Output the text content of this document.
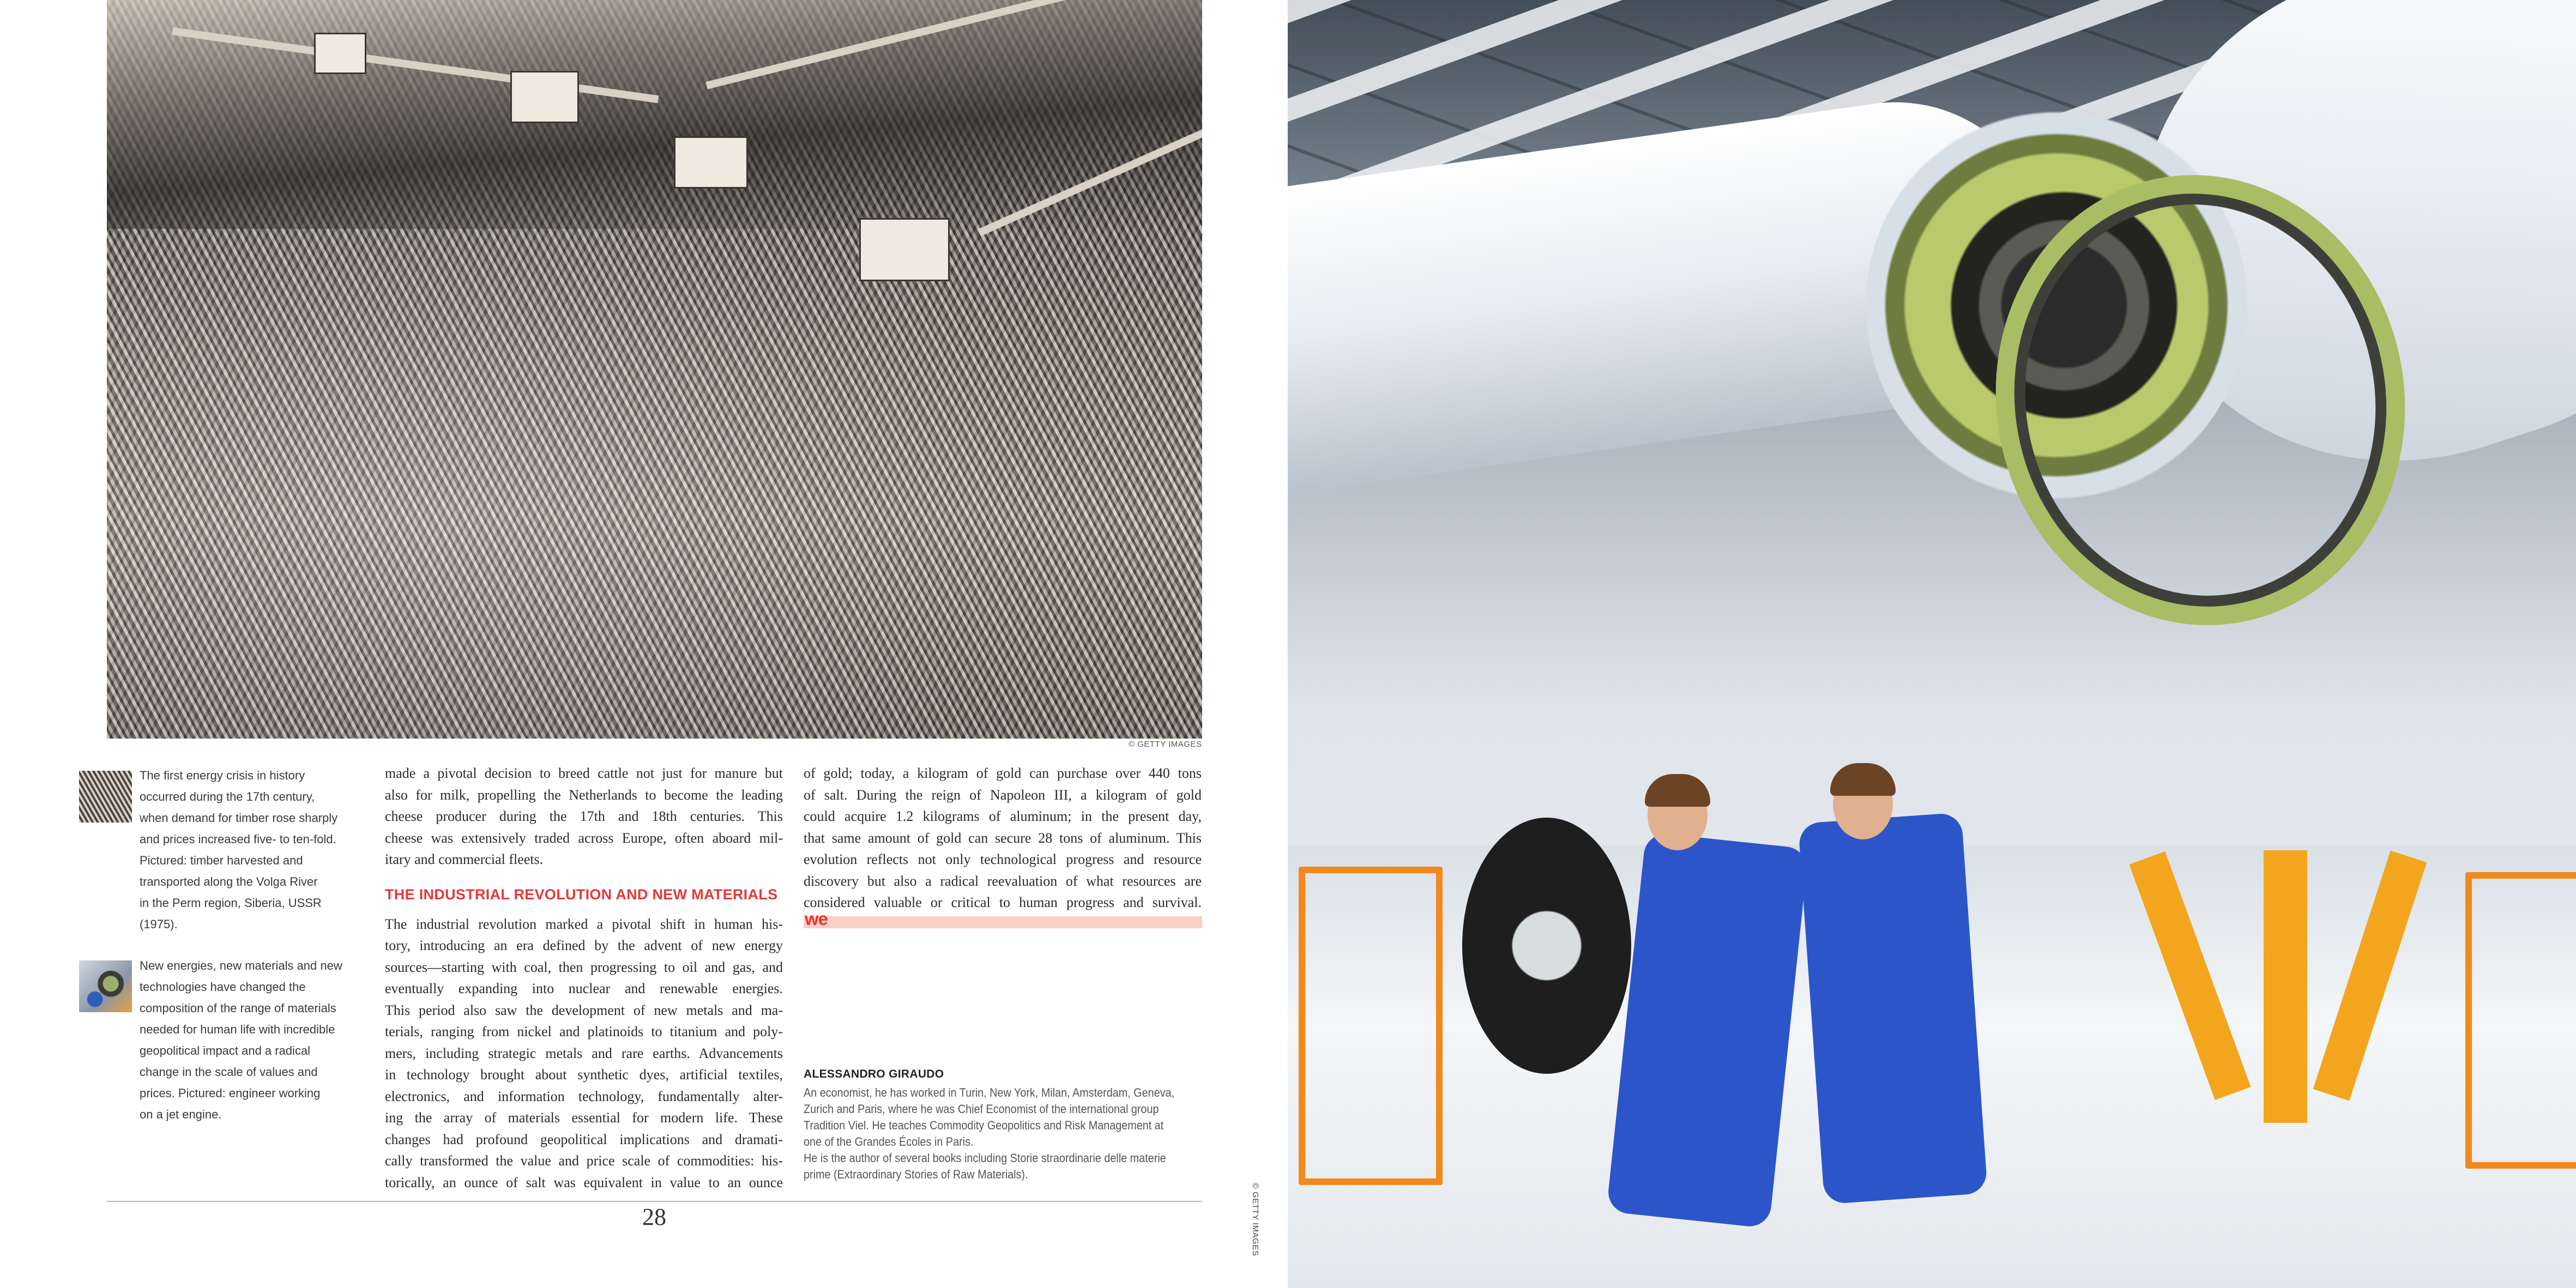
© GETTY IMAGES
The first energy crisis in history
occurred during the 17th century,
when demand for timber rose sharply
and prices increased five- to ten-fold.
Pictured: timber harvested and
transported along the Volga River
in the Perm region, Siberia, USSR
(1975).
New energies, new materials and new
technologies have changed the
composition of the range of materials
needed for human life with incredible
geopolitical impact and a radical
change in the scale of values and
prices. Pictured: engineer working
on a jet engine.
made a pivotal decision to breed cattle not just for manure but
also for milk, propelling the Netherlands to become the leading
cheese producer during the 17th and 18th centuries. This
cheese was extensively traded across Europe, often aboard mil-
itary and commercial fleets.
The industrial revolution marked a pivotal shift in human his-
tory, introducing an era defined by the advent of new energy
sources—starting with coal, then progressing to oil and gas, and
eventually expanding into nuclear and renewable energies.
This period also saw the development of new metals and ma-
terials, ranging from nickel and platinoids to titanium and poly-
mers, including strategic metals and rare earths. Advancements
in technology brought about synthetic dyes, artificial textiles,
electronics, and information technology, fundamentally alter-
ing the array of materials essential for modern life. These
changes had profound geopolitical implications and dramati-
cally transformed the value and price scale of commodities: his-
torically, an ounce of salt was equivalent in value to an ounce
THE INDUSTRIAL REVOLUTION AND NEW MATERIALS
of gold; today, a kilogram of gold can purchase over 440 tons
of salt. During the reign of Napoleon III, a kilogram of gold
could acquire 1.2 kilograms of aluminum; in the present day,
that same amount of gold can secure 28 tons of aluminum. This
evolution reflects not only technological progress and resource
discovery but also a radical reevaluation of what resources are
considered valuable or critical to human progress and survival.
we
ALESSANDRO GIRAUDO
An economist, he has worked in Turin, New York, Milan, Amsterdam, Geneva,
Zurich and Paris, where he was Chief Economist of the international group
Tradition Viel. He teaches Commodity Geopolitics and Risk Management at
one of the Grandes Écoles in Paris.
He is the author of several books including Storie straordinarie delle materie
prime (Extraordinary Stories of Raw Materials).
28	© GETTY IMAGES
